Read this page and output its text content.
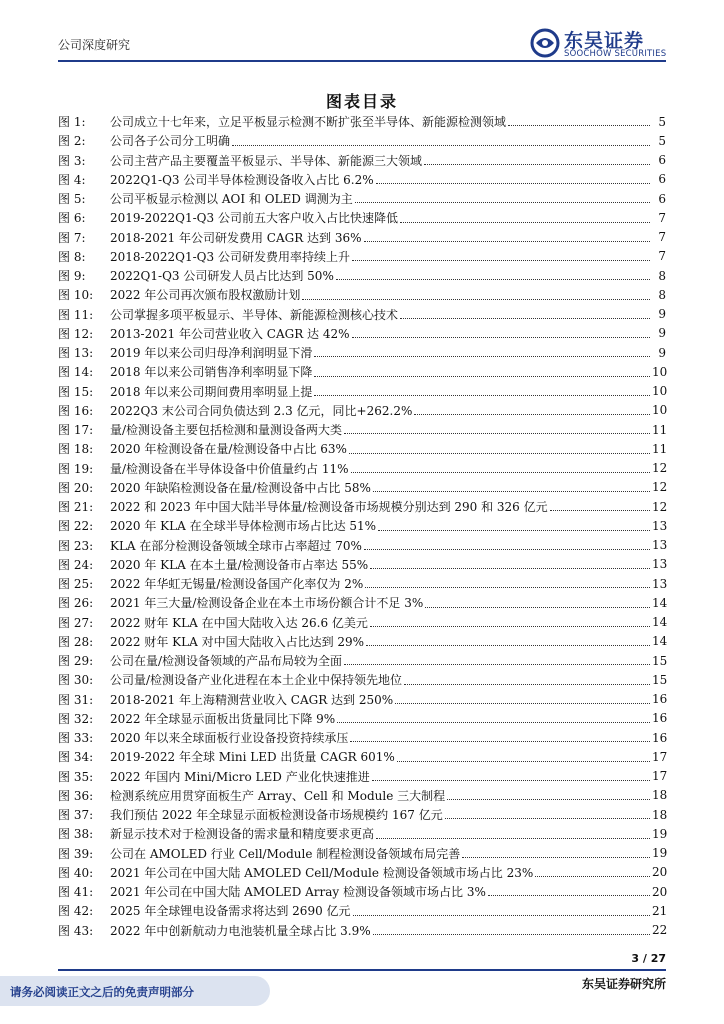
公司深度研究	东吴证券
SOOCHOW SECURITIES
图表目录
图 1:	公司成立十七年来，立足平板显示检测不断扩张至半导体、新能源检测领域	5
图 2:	公司各子公司分工明确	5
图 3:	公司主营产品主要覆盖平板显示、半导体、新能源三大领域	6
图 4:	2022Q1-Q3 公司半导体检测设备收入占比 6.2%	6
图 5:	公司平板显示检测以 AOI 和 OLED 调测为主	6
图 6:	2019-2022Q1-Q3 公司前五大客户收入占比快速降低	7
图 7:	2018-2021 年公司研发费用 CAGR 达到 36%	7
图 8:	2018-2022Q1-Q3 公司研发费用率持续上升	7
图 9:	2022Q1-Q3 公司研发人员占比达到 50%	8
图 10:	2022 年公司再次颁布股权激励计划	8
图 11:	公司掌握多项平板显示、半导体、新能源检测核心技术	9
图 12:	2013-2021 年公司营业收入 CAGR 达 42%	9
图 13:	2019 年以来公司归母净利润明显下滑	9
图 14:	2018 年以来公司销售净利率明显下降	10
图 15:	2018 年以来公司期间费用率明显上提	10
图 16:	2022Q3 末公司合同负债达到 2.3 亿元，同比+262.2%	10
图 17:	量/检测设备主要包括检测和量测设备两大类	11
图 18:	2020 年检测设备在量/检测设备中占比 63%	11
图 19:	量/检测设备在半导体设备中价值量约占 11%	12
图 20:	2020 年缺陷检测设备在量/检测设备中占比 58%	12
图 21:	2022 和 2023 年中国大陆半导体量/检测设备市场规模分别达到 290 和 326 亿元	12
图 22:	2020 年 KLA 在全球半导体检测市场占比达 51%	13
图 23:	KLA 在部分检测设备领域全球市占率超过 70%	13
图 24:	2020 年 KLA 在本土量/检测设备市占率达 55%	13
图 25:	2022 年华虹无锡量/检测设备国产化率仅为 2%	13
图 26:	2021 年三大量/检测设备企业在本土市场份额合计不足 3%	14
图 27:	2022 财年 KLA 在中国大陆收入达 26.6 亿美元	14
图 28:	2022 财年 KLA 对中国大陆收入占比达到 29%	14
图 29:	公司在量/检测设备领域的产品布局较为全面	15
图 30:	公司量/检测设备产业化进程在本土企业中保持领先地位	15
图 31:	2018-2021 年上海精测营业收入 CAGR 达到 250%	16
图 32:	2022 年全球显示面板出货量同比下降 9%	16
图 33:	2020 年以来全球面板行业设备投资持续承压	16
图 34:	2019-2022 年全球 Mini LED 出货量 CAGR 601%	17
图 35:	2022 年国内 Mini/Micro LED 产业化快速推进	17
图 36:	检测系统应用贯穿面板生产 Array、Cell 和 Module 三大制程	18
图 37:	我们预估 2022 年全球显示面板检测设备市场规模约 167 亿元	18
图 38:	新显示技术对于检测设备的需求量和精度要求更高	19
图 39:	公司在 AMOLED 行业 Cell/Module 制程检测设备领域布局完善	19
图 40:	2021 年公司在中国大陆 AMOLED Cell/Module 检测设备领域市场占比 23%	20
图 41:	2021 年公司在中国大陆 AMOLED Array 检测设备领域市场占比 3%	20
图 42:	2025 年全球锂电设备需求将达到 2690 亿元	21
图 43:	2022 年中创新航动力电池装机量全球占比 3.9%	22
3 / 27
请务必阅读正文之后的免责声明部分
东吴证券研究所
